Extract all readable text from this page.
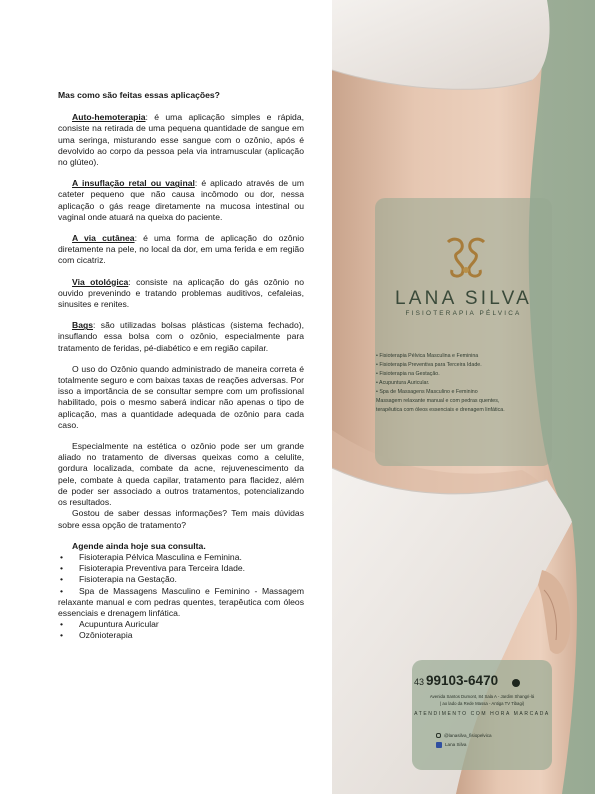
Mas como são feitas essas aplicações?

Auto-hemoterapia: é uma aplicação simples e rápida, consiste na retirada de uma pequena quantidade de sangue em uma seringa, misturando esse sangue com o ozônio, após é devolvido ao corpo da pessoa pela via intramuscular (aplicação no glúteo).

A insuflação retal ou vaginal: é aplicado através de um cateter pequeno que não causa incômodo ou dor, nessa aplicação o gás reage diretamente na mucosa intestinal ou vaginal onde atuará na queixa do paciente.

A via cutânea: é uma forma de aplicação do ozônio diretamente na pele, no local da dor, em uma ferida e em região com cicatriz.

Via otológica: consiste na aplicação do gás ozônio no ouvido prevenindo e tratando problemas auditivos, cefaleias, sinusites e renites.

Bags: são utilizadas bolsas plásticas (sistema fechado), insuflando essa bolsa com o ozônio, especialmente para tratamento de feridas, pé-diabético e em região capilar.

O uso do Ozônio quando administrado de maneira correta é totalmente seguro e com baixas taxas de reações adversas. Por isso a importância de se consultar sempre com um profissional habilitado, pois o mesmo saberá indicar não apenas o tipo de aplicação, mas a quantidade adequada de ozônio para cada caso.

Especialmente na estética o ozônio pode ser um grande aliado no tratamento de diversas queixas como a celulite, gordura localizada, combate da acne, rejuvenescimento da pele, combate à queda capilar, tratamento para flacidez, além de poder ser associado a outros tratamentos, potencializando os resultados.

Gostou de saber dessas informações? Tem mais dúvidas sobre essa opção de tratamento?

Agende ainda hoje sua consulta.

• Fisioterapia Pélvica Masculina e Feminina.
• Fisioterapia Preventiva para Terceira Idade.
• Fisioterapia na Gestação.
• Spa de Massagens Masculino e Feminino - Massagem relaxante manual e com pedras quentes, terapêutica com óleos essenciais e drenagem linfática.
• Acupuntura Auricular
• Ozônioterapia
LANA SILVA
FISIOTERAPIA PÉLVICA
• Fisioterapia Pélvica Masculina e Feminina
• Fisioterapia Preventiva para Terceira Idade.
• Fisioterapia na Gestação.
• Acupuntura Auricular.
• Spa de Massagens Masculino e Feminino
Massagem relaxante manual e com pedras quentes,
terapêutica com óleos essenciais e drenagem linfática.
43 99103-6470
Avenida Santos Dumont, 84 Sala A - Jardim Shangri-lá
( ao lado da Rede Massa - Antiga TV Tibagi)
ATENDIMENTO COM HORA MARCADA
@lanasilva_fisiopelvica
Lana Silva
